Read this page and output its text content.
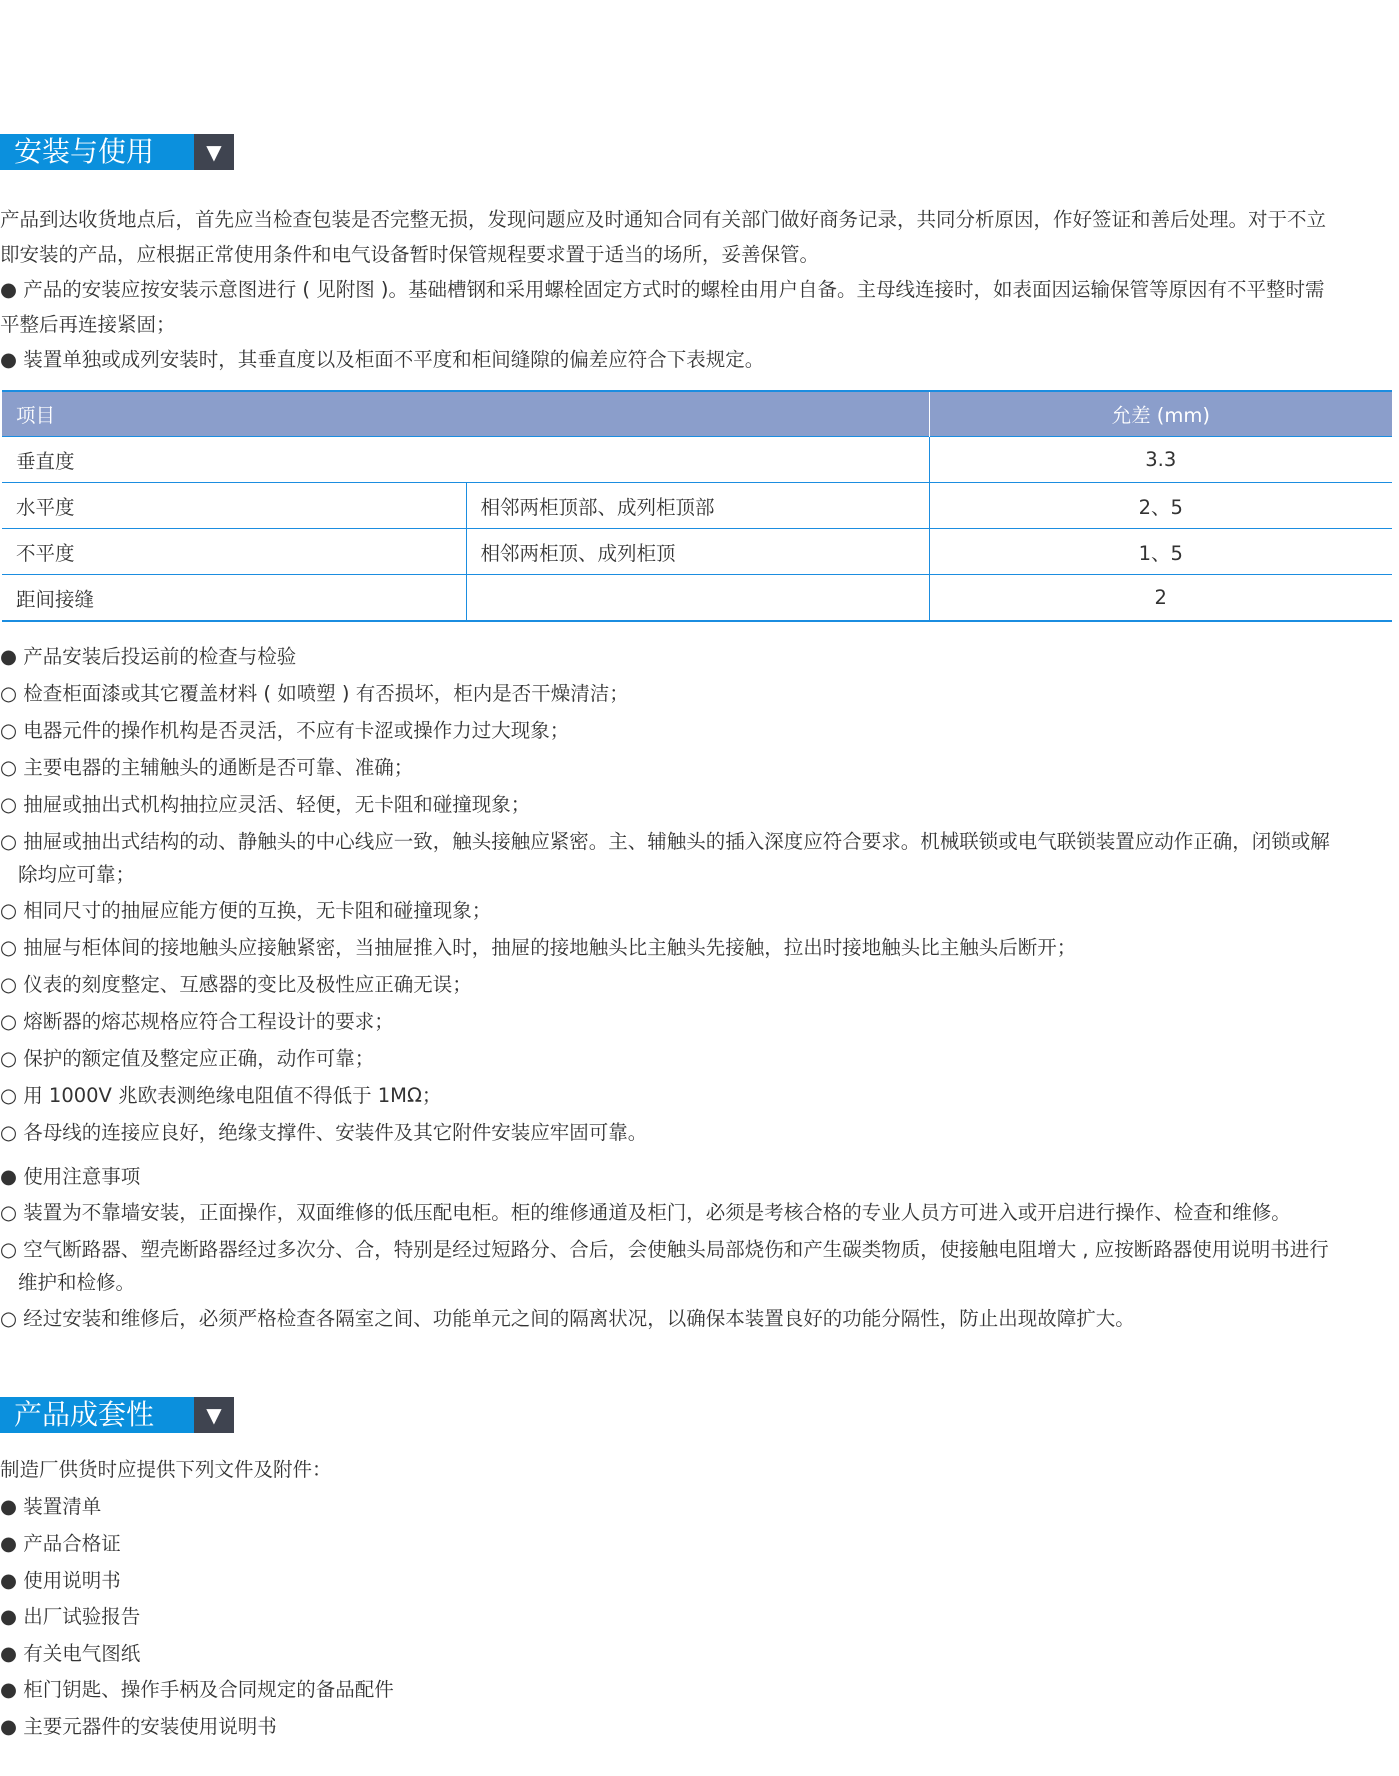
安装与使用	▼
产品到达收货地点后，首先应当检查包装是否完整无损，发现问题应及时通知合同有关部门做好商务记录，共同分析原因，作好签证和善后处理。对于不立
即安装的产品，应根据正常使用条件和电气设备暂时保管规程要求置于适当的场所，妥善保管。
● 产品的安装应按安装示意图进行 ( 见附图 )。基础槽钢和采用螺栓固定方式时的螺栓由用户自备。主母线连接时，如表面因运输保管等原因有不平整时需
平整后再连接紧固；
● 装置单独或成列安装时，其垂直度以及柜面不平度和柜间缝隙的偏差应符合下表规定。
项目		允差 (mm)
垂直度		3.3
水平度	相邻两柜顶部、成列柜顶部	2、5
不平度	相邻两柜顶、成列柜顶	1、5
距间接缝		2
● 产品安装后投运前的检查与检验
○ 检查柜面漆或其它覆盖材料 ( 如喷塑 ) 有否损坏，柜内是否干燥清洁；
○ 电器元件的操作机构是否灵活，不应有卡涩或操作力过大现象；
○ 主要电器的主辅触头的通断是否可靠、准确；
○ 抽屉或抽出式机构抽拉应灵活、轻便，无卡阻和碰撞现象；
○ 抽屉或抽出式结构的动、静触头的中心线应一致，触头接触应紧密。主、辅触头的插入深度应符合要求。机械联锁或电气联锁装置应动作正确，闭锁或解
除均应可靠；
○ 相同尺寸的抽屉应能方便的互换，无卡阻和碰撞现象；
○ 抽屉与柜体间的接地触头应接触紧密，当抽屉推入时，抽屉的接地触头比主触头先接触，拉出时接地触头比主触头后断开；
○ 仪表的刻度整定、互感器的变比及极性应正确无误；
○ 熔断器的熔芯规格应符合工程设计的要求；
○ 保护的额定值及整定应正确，动作可靠；
○ 用 1000V 兆欧表测绝缘电阻值不得低于 1MΩ；
○ 各母线的连接应良好，绝缘支撑件、安装件及其它附件安装应牢固可靠。
● 使用注意事项
○ 装置为不靠墙安装，正面操作，双面维修的低压配电柜。柜的维修通道及柜门，必须是考核合格的专业人员方可进入或开启进行操作、检查和维修。
○ 空气断路器、塑壳断路器经过多次分、合，特别是经过短路分、合后，会使触头局部烧伤和产生碳类物质，使接触电阻增大 , 应按断路器使用说明书进行
维护和检修。
○ 经过安装和维修后，必须严格检查各隔室之间、功能单元之间的隔离状况，以确保本装置良好的功能分隔性，防止出现故障扩大。
产品成套性	▼
制造厂供货时应提供下列文件及附件：
● 装置清单
● 产品合格证
● 使用说明书
● 出厂试验报告
● 有关电气图纸
● 柜门钥匙、操作手柄及合同规定的备品配件
● 主要元器件的安装使用说明书
